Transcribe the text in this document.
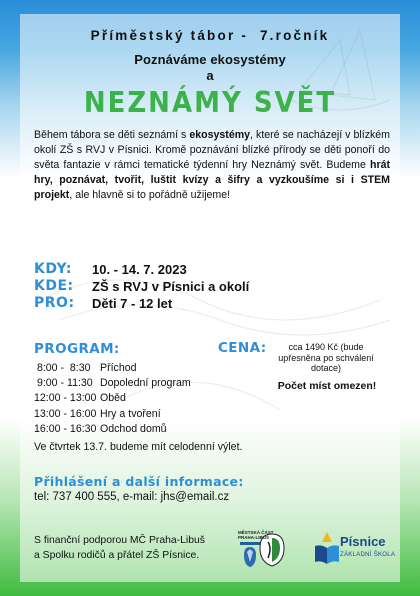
Příměstský tábor -  7.ročník
Poznáváme ekosystémy
a
NEZNÁMÝ SVĚT
Během tábora se děti seznámí s ekosystémy, které se nacházejí v blízkém okolí ZŠ s RVJ v Písnici. Kromě poznávání blízké přírody se děti ponoří do světa fantazie v rámci tematické týdenní hry Neznámý svět. Budeme hrát hry, poznávat, tvořit, luštit kvízy a šifry a vyzkoušíme si i STEM projekt, ale hlavně si to pořádně užijeme!
KDY: 10. - 14. 7. 2023
KDE: ZŠ s RVJ v Písnici a okolí
PRO: Děti 7 - 12 let
PROGRAM:
8:00 -  8:30 Příchod
9:00 - 11:30 Dopolední program
12:00 - 13:00 Oběd
13:00 - 16:00 Hry a tvoření
16:00 - 16:30 Odchod domů
CENA:	cca 1490 Kč (bude upřesněna po schválení dotace)
Počet míst omezen!
Ve čtvrtek 13.7. budeme mít celodenní výlet.
Přihlášení a další informace:
tel: 737 400 555, e-mail: jhs@email.cz
S finanční podporou MČ Praha-Libuš
a Spolku rodičů a přátel ZŠ Písnice.
MĚSTSKÁ ČÁST
PRAHA-LIBUŠ	Písnice
ZÁKLADNÍ ŠKOLA
